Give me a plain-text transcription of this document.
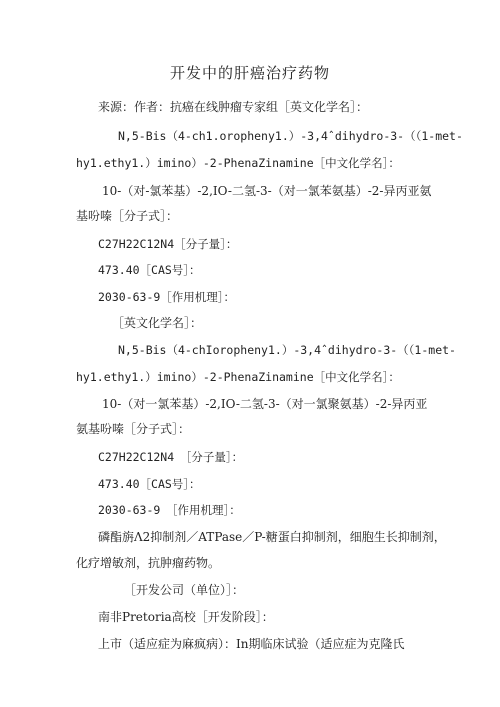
开发中的肝癌治疗药物
来源：作者：抗癌在线肿瘤专家组［英文化学名］：
N,5-Bis（4-ch1.oropheny1.）-3,4ˆdihydro-3-（（1-met-
hy1.ethy1.）imino）-2-PhenaZinamine［中文化学名］：
10-（对-氯苯基）-2,IO-二氢-3-（对一氯苯氨基）-2-异丙亚氨
基吩嗪［分子式］：
C27H22C12N4［分子量］：
473.40［CAS号］：
2030-63-9［作用机理］：
［英文化学名］：
N,5-Bis（4-chIoropheny1.）-3,4ˆdihydro-3-（（1-met-
hy1.ethy1.）imino）-2-PhenaZinamine［中文化学名］：
10-（对一氯苯基）-2,IO-二氢-3-（对一氯聚氨基）-2-异丙亚
氨基吩嗪［分子式］：
C27H22C12N4　［分子量］：
473.40［CAS号］：
2030-63-9　［作用机理］：
磷酯旃Λ2抑制剂／ATPase／P-糖蛋白抑制剂，细胞生长抑制剂，
化疗增敏剂，抗肿瘤药物。
［开发公司（单位）］：
南非Pretoria高校［开发阶段］：
上市（适应症为麻疯病）：In期临床试验（适应症为克隆氏
